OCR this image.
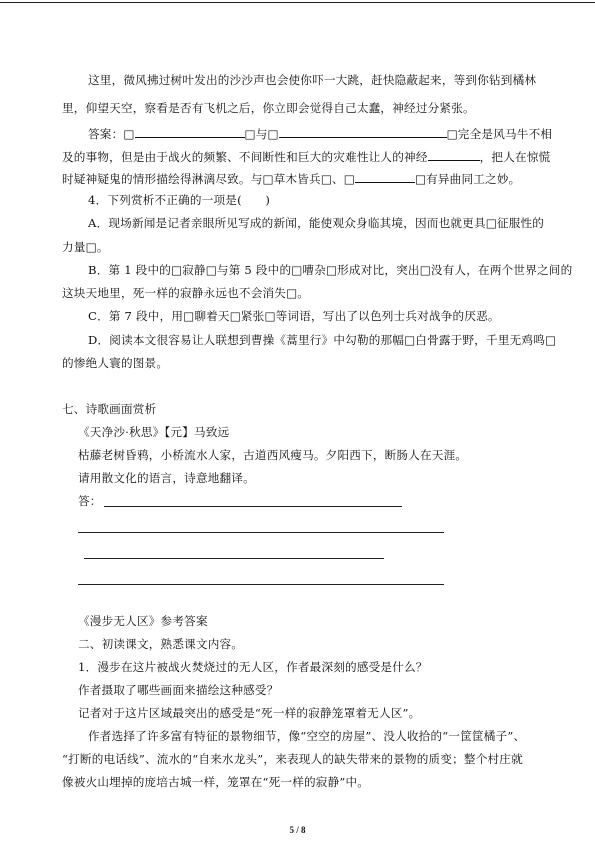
这里，微风拂过树叶发出的沙沙声也会使你吓一大跳，赶快隐蔽起来，等到你钻到橘林
里，仰望天空，察看是否有飞机之后，你立即会觉得自己太蠢，神经过分紧张。
答案：□	□与□	□完全是风马牛不相
及的事物，但是由于战火的频繁、不间断性和巨大的灾难性让人的神经	，把人在惊慌
时疑神疑鬼的情形描绘得淋漓尽致。与□草木皆兵□、□	□有异曲同工之妙。
4．下列赏析不正确的一项是(　　)
A．现场新闻是记者亲眼所见写成的新闻，能使观众身临其境，因而也就更具□征服性的
力量□。
B．第 1 段中的□寂静□与第 5 段中的□嘈杂□形成对比，突出□没有人，在两个世界之间的
这块天地里，死一样的寂静永远也不会消失□。
C．第 7 段中，用□聊着天□紧张□等词语，写出了以色列士兵对战争的厌恶。
D．阅读本文很容易让人联想到曹操《蒿里行》中勾勒的那幅□白骨露于野，千里无鸡鸣□
的惨绝人寰的图景。
七、诗歌画面赏析
《天净沙·秋思》【元】马致远
枯藤老树昏鸦，小桥流水人家，古道西风瘦马。夕阳西下，断肠人在天涯。
请用散文化的语言，诗意地翻译。
答：
《漫步无人区》参考答案
二、初读课文，熟悉课文内容。
1．漫步在这片被战火焚烧过的无人区，作者最深刻的感受是什么？
作者摄取了哪些画面来描绘这种感受？
记者对于这片区域最突出的感受是“死一样的寂静笼罩着无人区”。
作者选择了许多富有特征的景物细节，像“空空的房屋”、没人收拾的“一筐筐橘子”、
“打断的电话线”、流水的“自来水龙头”，来表现人的缺失带来的景物的质变；整个村庄就
像被火山埋掉的庞培古城一样，笼罩在“死一样的寂静”中。
5 / 8
